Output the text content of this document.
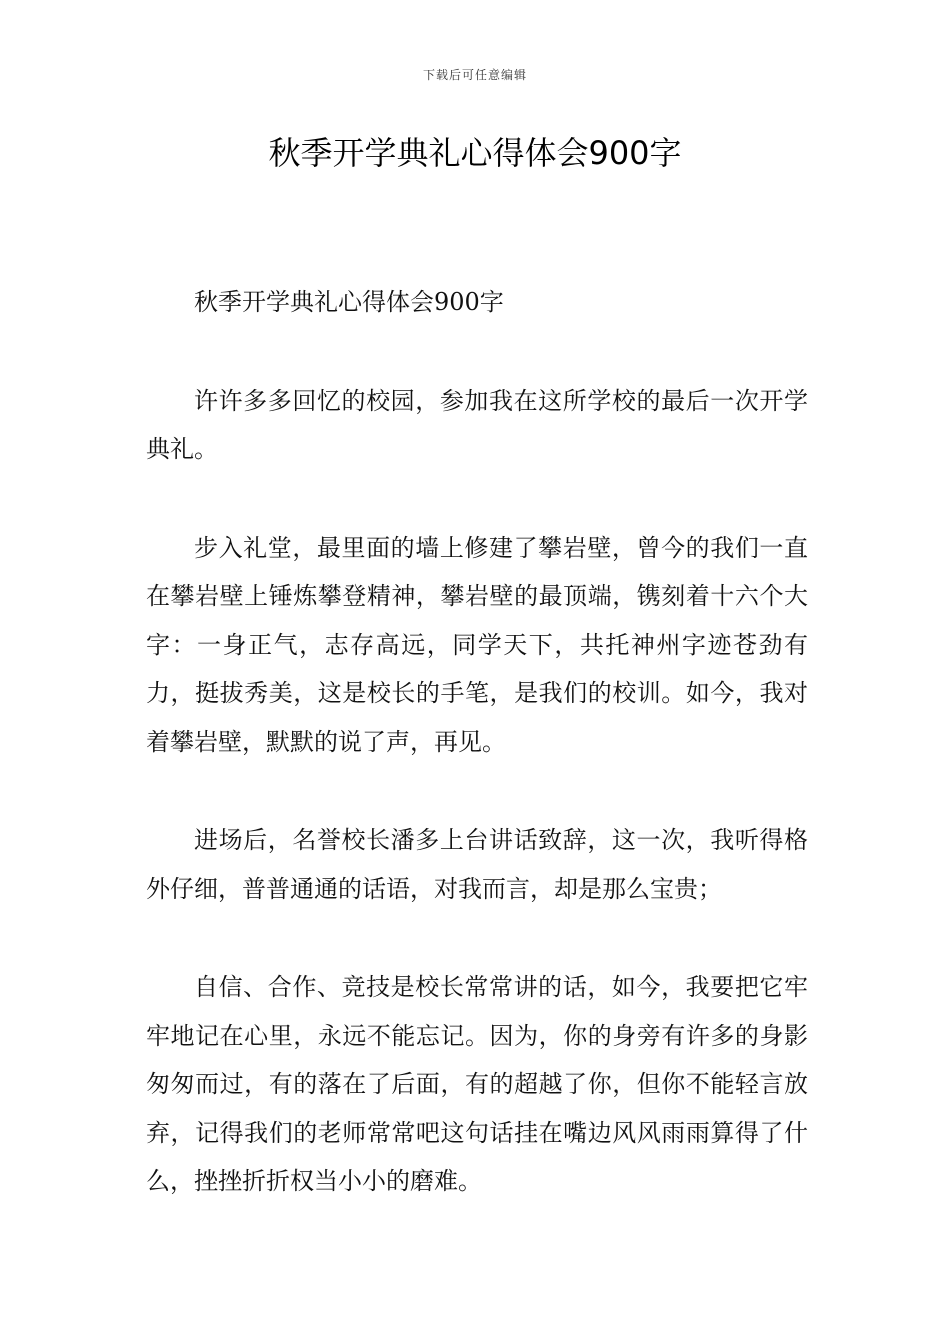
下载后可任意编辑
秋季开学典礼心得体会900字

秋季开学典礼心得体会900字

许许多多回忆的校园，参加我在这所学校的最后一次开学典礼。

步入礼堂，最里面的墙上修建了攀岩壁，曾今的我们一直在攀岩壁上锤炼攀登精神，攀岩壁的最顶端，镌刻着十六个大字：一身正气，志存高远，同学天下，共托神州字迹苍劲有力，挺拔秀美，这是校长的手笔，是我们的校训。如今，我对着攀岩壁，默默的说了声，再见。

进场后，名誉校长潘多上台讲话致辞，这一次，我听得格外仔细，普普通通的话语，对我而言，却是那么宝贵；

自信、合作、竞技是校长常常讲的话，如今，我要把它牢牢地记在心里，永远不能忘记。因为，你的身旁有许多的身影匆匆而过，有的落在了后面，有的超越了你，但你不能轻言放弃，记得我们的老师常常吧这句话挂在嘴边风风雨雨算得了什么，挫挫折折权当小小的磨难。
